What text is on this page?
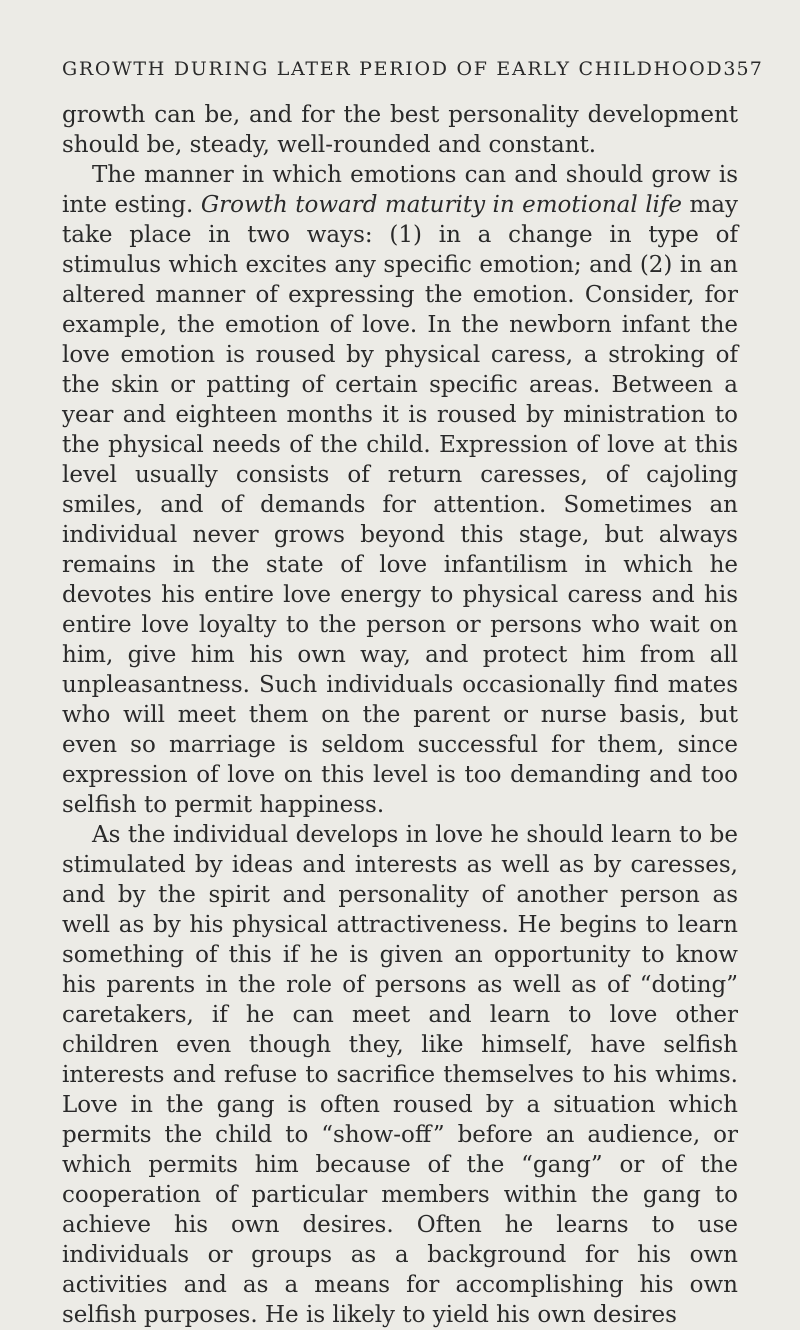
GROWTH DURING LATER PERIOD OF EARLY CHILDHOOD 357

growth can be, and for the best personality development should be, steady, well-rounded and constant.

The manner in which emotions can and should grow is inte esting. Growth toward maturity in emotional life may take place in two ways: (1) in a change in type of stimulus which excites any specific emotion; and (2) in an altered manner of expressing the emotion. Consider, for example, the emotion of love. In the newborn infant the love emotion is roused by physical caress, a stroking of the skin or patting of certain specific areas. Between a year and eighteen months it is roused by ministration to the physical needs of the child. Expression of love at this level usually consists of return caresses, of cajoling smiles, and of demands for attention. Sometimes an individual never grows beyond this stage, but always remains in the state of love infantilism in which he devotes his entire love energy to physical caress and his entire love loyalty to the person or persons who wait on him, give him his own way, and protect him from all unpleasantness. Such individuals occasionally find mates who will meet them on the parent or nurse basis, but even so marriage is seldom successful for them, since expression of love on this level is too demanding and too selfish to permit happiness.

As the individual develops in love he should learn to be stimulated by ideas and interests as well as by caresses, and by the spirit and personality of another person as well as by his physical attractiveness. He begins to learn something of this if he is given an opportunity to know his parents in the role of persons as well as of “doting” caretakers, if he can meet and learn to love other children even though they, like himself, have selfish interests and refuse to sacrifice themselves to his whims. Love in the gang is often roused by a situation which permits the child to “show-off” before an audience, or which permits him because of the “gang” or of the cooperation of particular members within the gang to achieve his own desires. Often he learns to use individuals or groups as a background for his own activities and as a means for accomplishing his own selfish purposes. He is likely to yield his own desires
